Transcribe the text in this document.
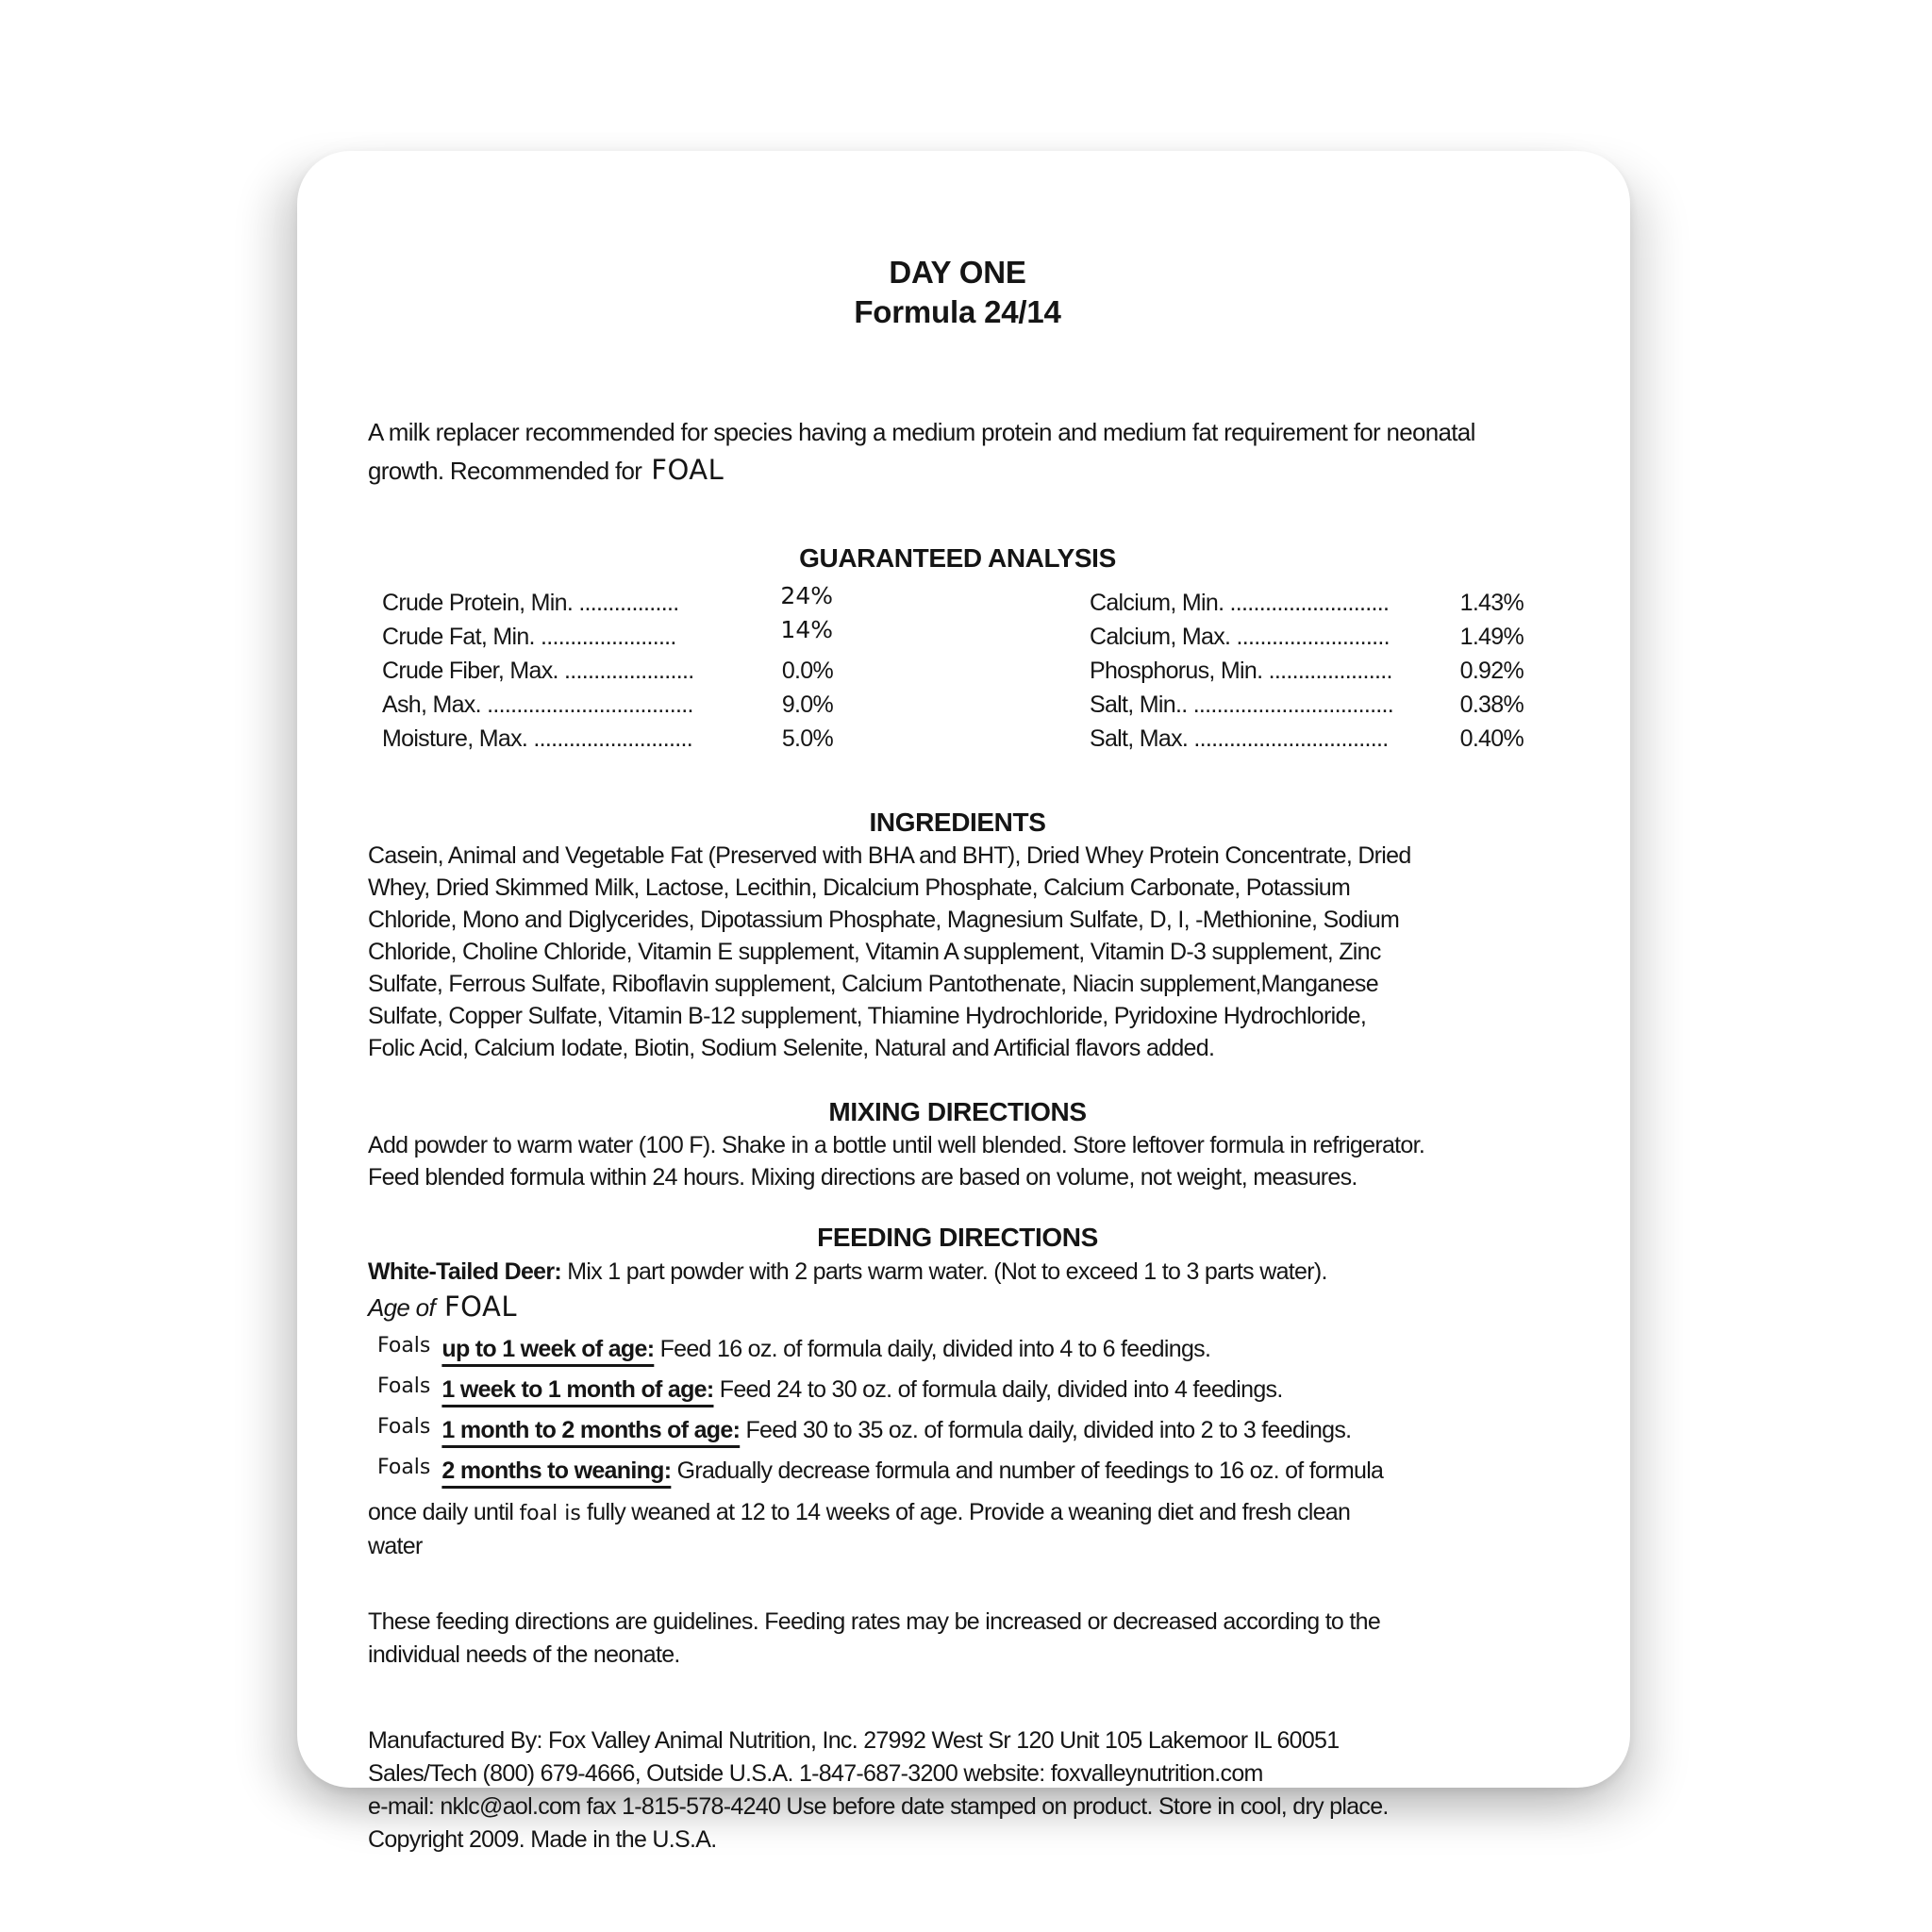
DAY ONE
Formula 24/14
A milk replacer recommended for species having a medium protein and medium fat requirement for neonatal
growth. Recommended for FOAL
GUARANTEED ANALYSIS
Crude Protein, Min. .................	24%
Crude Fat, Min. .......................	14%
Crude Fiber, Max. ......................	0.0%
Ash, Max. ...................................	9.0%
Moisture, Max. ...........................	5.0%
Calcium, Min. ...........................	1.43%
Calcium, Max. ..........................	1.49%
Phosphorus, Min. .....................	0.92%
Salt, Min.. ..................................	0.38%
Salt, Max. .................................	0.40%
INGREDIENTS
Casein, Animal and Vegetable Fat (Preserved with BHA and BHT), Dried Whey Protein Concentrate, Dried
Whey, Dried Skimmed Milk, Lactose, Lecithin, Dicalcium Phosphate, Calcium Carbonate, Potassium
Chloride, Mono and Diglycerides, Dipotassium Phosphate, Magnesium Sulfate, D, I, -Methionine, Sodium
Chloride, Choline Chloride, Vitamin E supplement, Vitamin A supplement, Vitamin D-3 supplement, Zinc
Sulfate, Ferrous Sulfate, Riboflavin supplement, Calcium Pantothenate, Niacin supplement,Manganese
Sulfate, Copper Sulfate, Vitamin B-12 supplement, Thiamine Hydrochloride, Pyridoxine Hydrochloride,
Folic Acid, Calcium Iodate, Biotin, Sodium Selenite, Natural and Artificial flavors added.
MIXING DIRECTIONS
Add powder to warm water (100 F). Shake in a bottle until well blended. Store leftover formula in refrigerator.
Feed blended formula within 24 hours. Mixing directions are based on volume, not weight, measures.
FEEDING DIRECTIONS
White-Tailed Deer: Mix 1 part powder with 2 parts warm water. (Not to exceed 1 to 3 parts water).
Age of FOAL
Foals up to 1 week of age: Feed 16 oz. of formula daily, divided into 4 to 6 feedings.
Foals 1 week to 1 month of age: Feed 24 to 30 oz. of formula daily, divided into 4 feedings.
Foals 1 month to 2 months of age: Feed 30 to 35 oz. of formula daily, divided into 2 to 3 feedings.
Foals 2 months to weaning: Gradually decrease formula and number of feedings to 16 oz. of formula
once daily until foal is fully weaned at 12 to 14 weeks of age. Provide a weaning diet and fresh clean
water
These feeding directions are guidelines. Feeding rates may be increased or decreased according to the
individual needs of the neonate.
Manufactured By: Fox Valley Animal Nutrition, Inc. 27992 West Sr 120 Unit 105 Lakemoor IL 60051
Sales/Tech (800) 679-4666, Outside U.S.A. 1-847-687-3200 website: foxvalleynutrition.com
e-mail: nklc@aol.com fax 1-815-578-4240 Use before date stamped on product. Store in cool, dry place.
Copyright 2009. Made in the U.S.A.
